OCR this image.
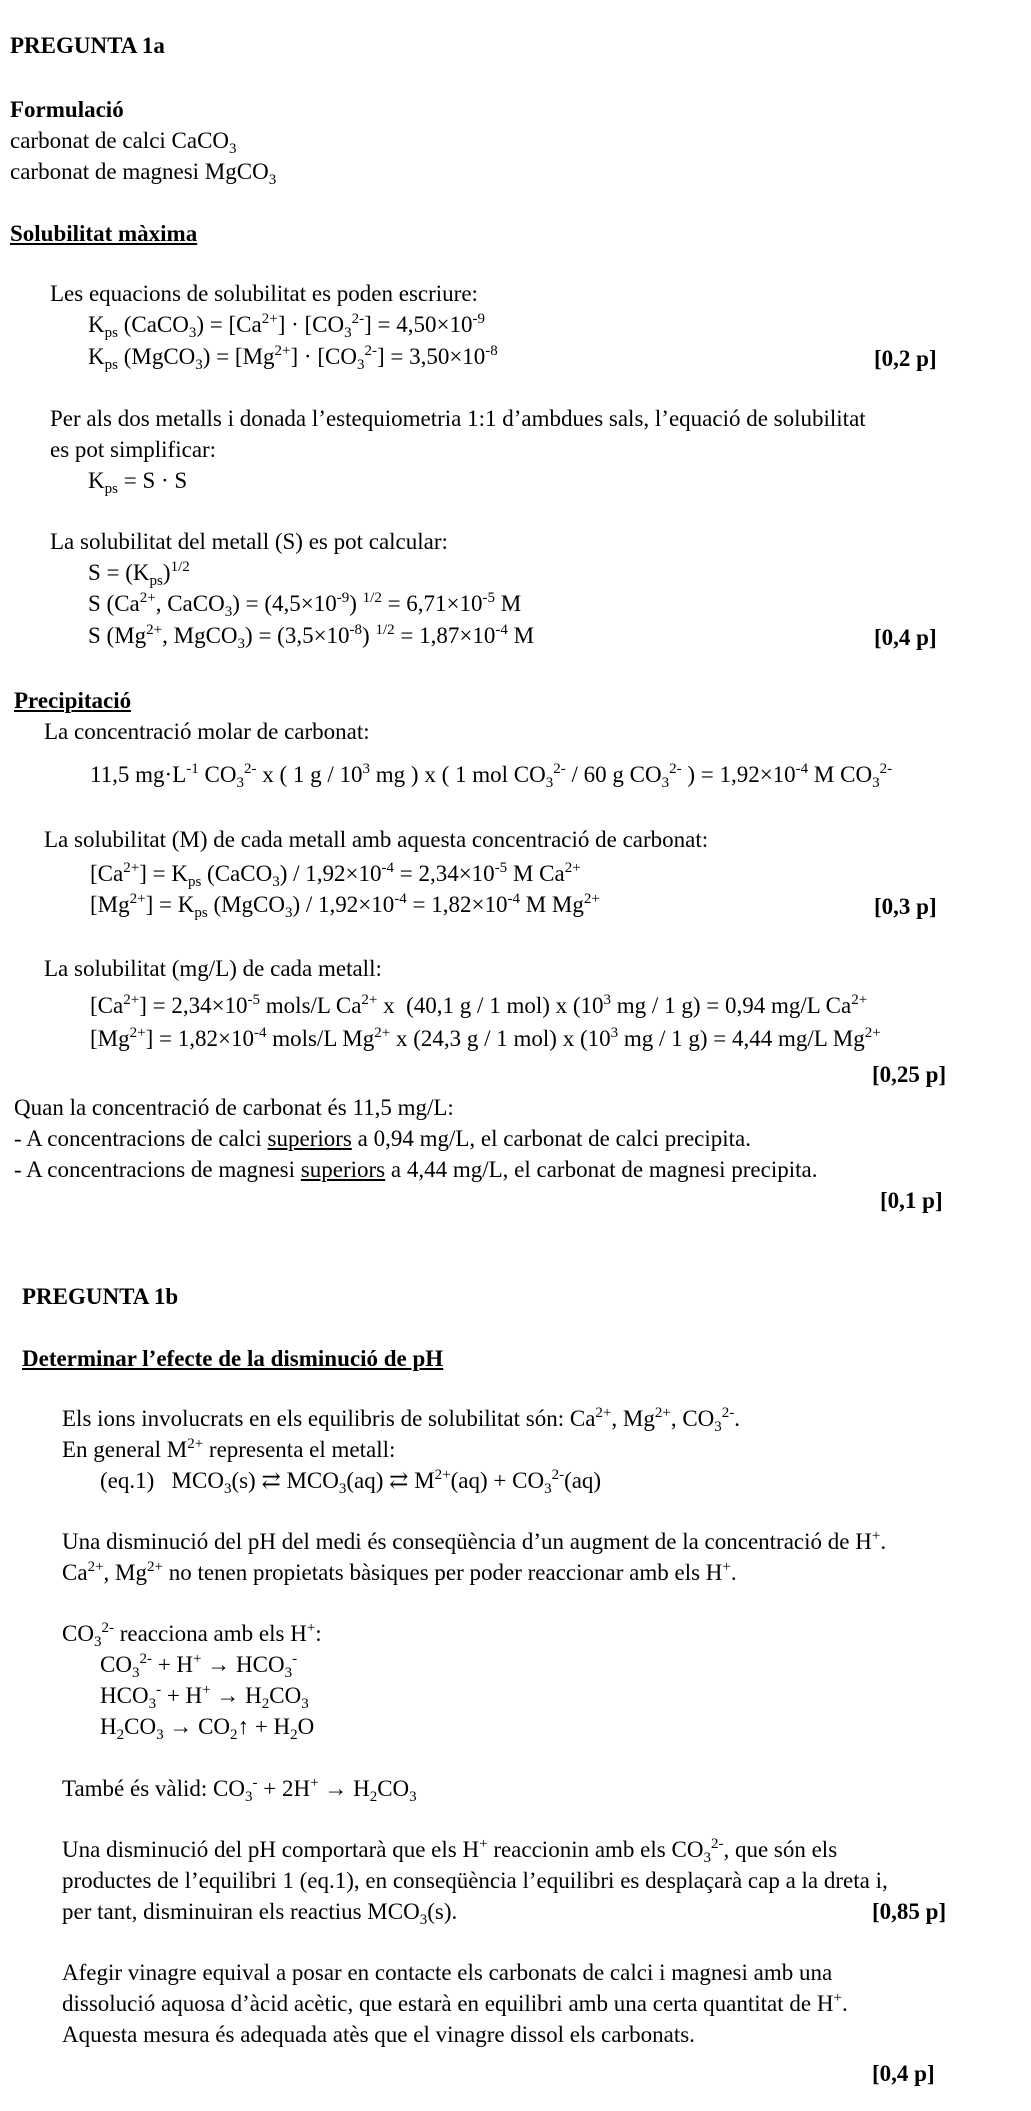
PREGUNTA 1a
Formulació
carbonat de calci CaCO$_3$
carbonat de magnesi MgCO$_3$
Solubilitat màxima
Les equacions de solubilitat es poden escriure:
$K_{ps}$ (CaCO$_3$) = $[Ca^{2+}] \cdot [CO_3^{2-}] = 4,50\times 10^{-9}$
$K_{ps}$ (MgCO$_3$) = $[Mg^{2+}] \cdot [CO_3^{2-}] = 3,50\times 10^{-8}$	[0,2 p]
Per als dos metalls i donada l’estequiometria 1:1 d’ambdues sals, l’equació de solubilitat
es pot simplificar:
$K_{ps} = S \cdot S$
La solubilitat del metall (S) es pot calcular:
$S = (K_{ps})^{1/2}$
S ($Ca^{2+}$, CaCO$_3$) = $(4,5\times 10^{-9}) ^{1/2} = 6,71\times 10^{-5}$ M
S ($Mg^{2+}$, MgCO$_3$) = $(3,5\times 10^{-8}) ^{1/2} = 1,87\times 10^{-4}$ M	[0,4 p]
Precipitació
La concentració molar de carbonat:
11,5 $mg\cdot L^{-1}$ $CO_3^{2-}$ x ( 1 g / $10^3$ mg ) x ( 1 mol $CO_3^{2-} / 60$ g $CO_3^{2-}$ ) = $1,92\times 10^{-4}$ M $CO_3^{2-}$
La solubilitat (M) de cada metall amb aquesta concentració de carbonat:
$[Ca^{2+}] = K_{ps}$ (CaCO$_3$) / $1,92\times 10^{-4} = 2,34\times 10^{-5}$ M $Ca^{2+}$
$[Mg^{2+}] = K_{ps}$ (MgCO$_3$) / $1,92\times 10^{-4} = 1,82\times 10^{-4}$ M $Mg^{2+}$	[0,3 p]
La solubilitat (mg/L) de cada metall:
$[Ca^{2+}] = 2,34\times 10^{-5}$ mols/L $Ca^{2+}$ x  (40,1 g / 1 mol) x ($10^3$ mg / 1 g) = 0,94 mg/L $Ca^{2+}$
$[Mg^{2+}] = 1,82\times 10^{-4}$ mols/L $Mg^{2+}$ x (24,3 g / 1 mol) x ($10^3$ mg / 1 g) = 4,44 mg/L $Mg^{2+}$
[0,25 p]
Quan la concentració de carbonat és 11,5 mg/L:
- A concentracions de calci superiors a 0,94 mg/L, el carbonat de calci precipita.
- A concentracions de magnesi superiors a 4,44 mg/L, el carbonat de magnesi precipita.
[0,1 p]
PREGUNTA 1b
Determinar l’efecte de la disminució de pH
Els ions involucrats en els equilibris de solubilitat són: $Ca^{2+}$, $Mg^{2+}$, $CO_3^{2-}$.
En general $M^{2+}$ representa el metall:
(eq.1)   $MCO_3(s)$ ⇄ $MCO_3(aq)$ ⇄ $M^{2+}(aq) + CO_3^{2-}(aq)$
Una disminució del pH del medi és conseqüència d’un augment de la concentració de H+.
$Ca^{2+}$, $Mg^{2+}$ no tenen propietats bàsiques per poder reaccionar amb els H+.
$CO_3^{2-}$ reacciona amb els H+:
$CO_3^{2-} + H^+ \to HCO_3^-$
$HCO_3^- + H^+ \to H_2CO_3$
$H_2CO_3$ → $CO_2↑ + H_2O$
També és vàlid: $CO_3^- + 2H^+ \to H_2CO_3$
Una disminució del pH comportarà que els H+ reaccionin amb els $CO_3^{2-}$, que són els
productes de l’equilibri 1 (eq.1), en conseqüència l’equilibri es desplaçarà cap a la dreta i,
per tant, disminuiran els reactius $MCO_3(s)$.	[0,85 p]
Afegir vinagre equival a posar en contacte els carbonats de calci i magnesi amb una
dissolució aquosa d’àcid acètic, que estarà en equilibri amb una certa quantitat de H+.
Aquesta mesura és adequada atès que el vinagre dissol els carbonats.
[0,4 p]
